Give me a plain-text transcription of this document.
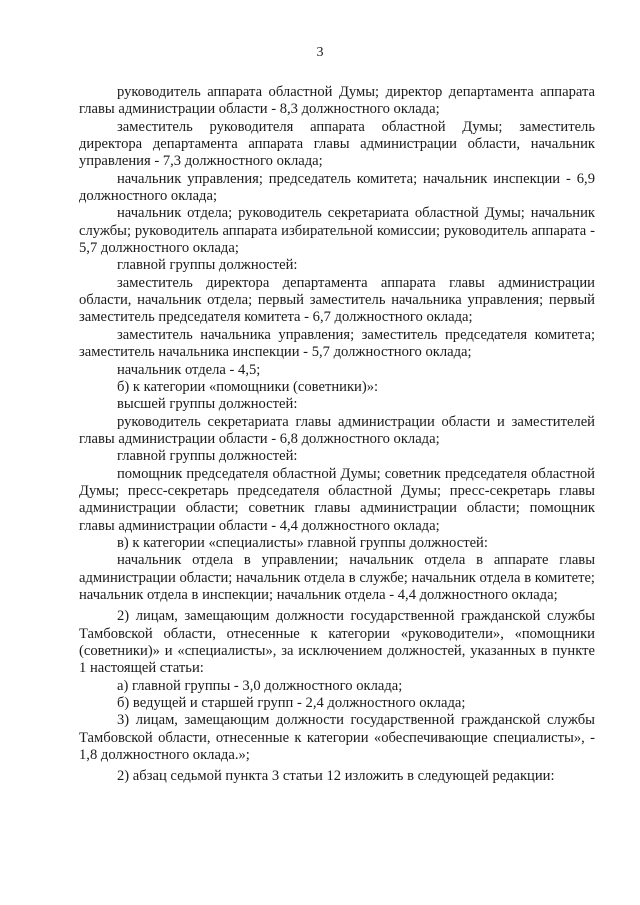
3

руководитель аппарата областной Думы; директор департамента аппарата главы администрации области - 8,3 должностного оклада;

заместитель руководителя аппарата областной Думы; заместитель директора департамента аппарата главы администрации области, начальник управления - 7,3 должностного оклада;

начальник управления; председатель комитета; начальник инспекции - 6,9 должностного оклада;

начальник отдела; руководитель секретариата областной Думы; начальник службы; руководитель аппарата избирательной комиссии; руководитель аппарата - 5,7 должностного оклада;

главной группы должностей:

заместитель директора департамента аппарата главы администрации области, начальник отдела; первый заместитель начальника управления; первый заместитель председателя комитета - 6,7 должностного оклада;

заместитель начальника управления; заместитель председателя комитета; заместитель начальника инспекции - 5,7 должностного оклада;

начальник отдела - 4,5;

б) к категории «помощники (советники)»:

высшей группы должностей:

руководитель секретариата главы администрации области и заместителей главы администрации области - 6,8 должностного оклада;

главной группы должностей:

помощник председателя областной Думы; советник председателя областной Думы; пресс-секретарь председателя областной Думы; пресс-секретарь главы администрации области; советник главы администрации области; помощник главы администрации области - 4,4 должностного оклада;

в) к категории «специалисты» главной группы должностей:

начальник отдела в управлении; начальник отдела в аппарате главы администрации области; начальник отдела в службе; начальник отдела в комитете; начальник отдела в инспекции; начальник отдела - 4,4 должностного оклада;

2) лицам, замещающим должности государственной гражданской службы Тамбовской области, отнесенные к категории «руководители», «помощники (советники)» и «специалисты», за исключением должностей, указанных в пункте 1 настоящей статьи:

а) главной группы - 3,0 должностного оклада;

б) ведущей и старшей групп - 2,4 должностного оклада;

3) лицам, замещающим должности государственной гражданской службы Тамбовской области, отнесенные к категории «обеспечивающие специалисты», - 1,8 должностного оклада.»;

2) абзац седьмой пункта 3 статьи 12 изложить в следующей редакции:
